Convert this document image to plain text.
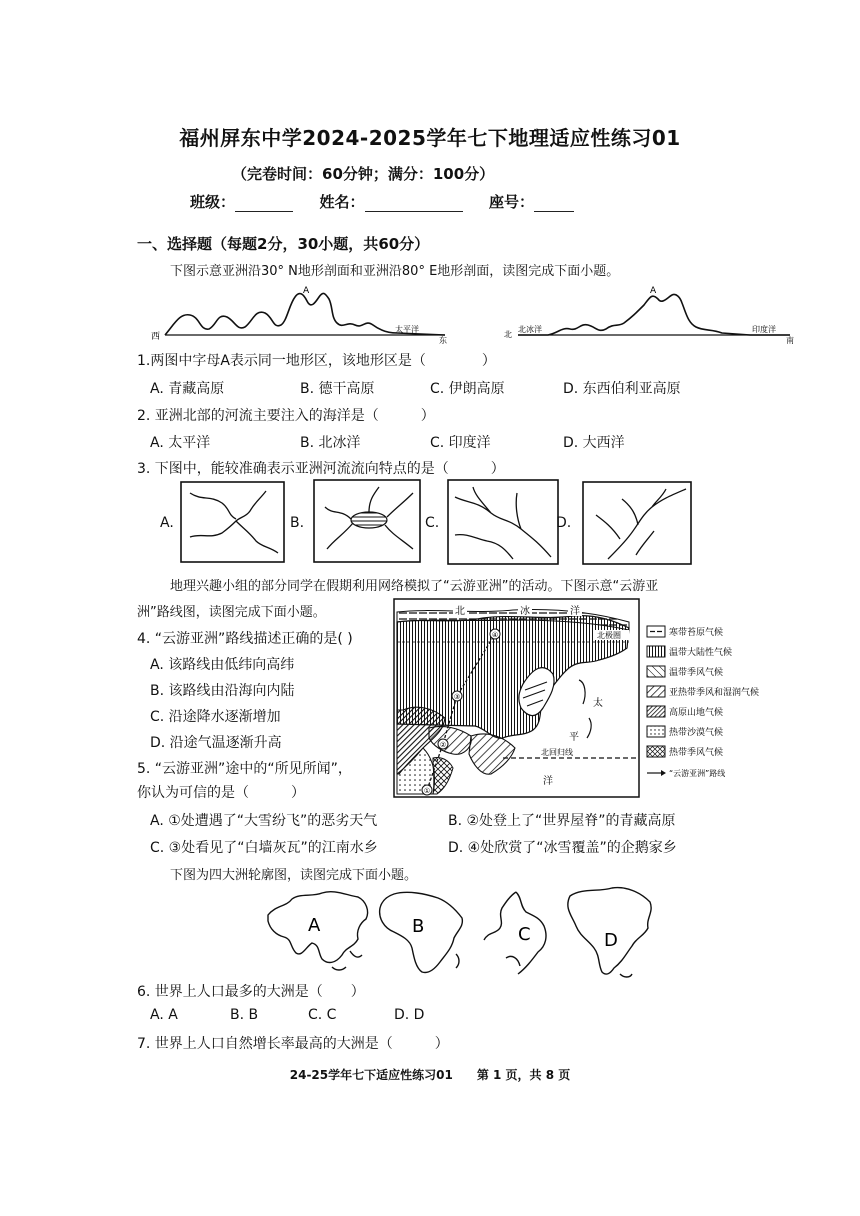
福州屏东中学2024-2025学年七下地理适应性练习01
（完卷时间：60分钟；满分：100分）
班级：	姓名：	座号：
一、选择题（每题2分，30小题，共60分）
下图示意亚洲沿30° N地形剖面和亚洲沿80° E地形剖面，读图完成下面小题。
A
西
太平洋
东
A
北
北冰洋	印度洋
南
1.两图中字母A表示同一地形区，该地形区是（　　　　）
A. 青藏高原	B. 德干高原	C. 伊朗高原	D. 东西伯利亚高原
2. 亚洲北部的河流主要注入的海洋是（　　　）
A. 太平洋	B. 北冰洋	C. 印度洋	D. 大西洋
3. 下图中，能较准确表示亚洲河流流向特点的是（　　　）
A.	B.	C.	D.
地理兴趣小组的部分同学在假期利用网络模拟了“云游亚洲”的活动。下图示意“云游亚
洲”路线图，读图完成下面小题。
①
②
③
④
北	冰	洋
北极圈
太
平
北回归线
洋
寒带苔原气候
温带大陆性气候
温带季风气候
亚热带季风和湿润气候
高原山地气候
热带沙漠气候
热带季风气候
“云游亚洲”路线
4. “云游亚洲”路线描述正确的是( )
A. 该路线由低纬向高纬
B. 该路线由沿海向内陆
C. 沿途降水逐渐增加
D. 沿途气温逐渐升高
5. “云游亚洲”途中的“所见所闻”，
你认为可信的是（　　　）
A. ①处遭遇了“大雪纷飞”的恶劣天气	B. ②处登上了“世界屋脊”的青藏高原
C. ③处看见了“白墙灰瓦”的江南水乡	D. ④处欣赏了“冰雪覆盖”的企鹅家乡
下图为四大洲轮廓图，读图完成下面小题。
A	B	C	D
6. 世界上人口最多的大洲是（　　）
A. A	B. B	C. C	D. D
7. 世界上人口自然增长率最高的大洲是（　　　）
24-25学年七下适应性练习01　　第 1 页，共 8 页
